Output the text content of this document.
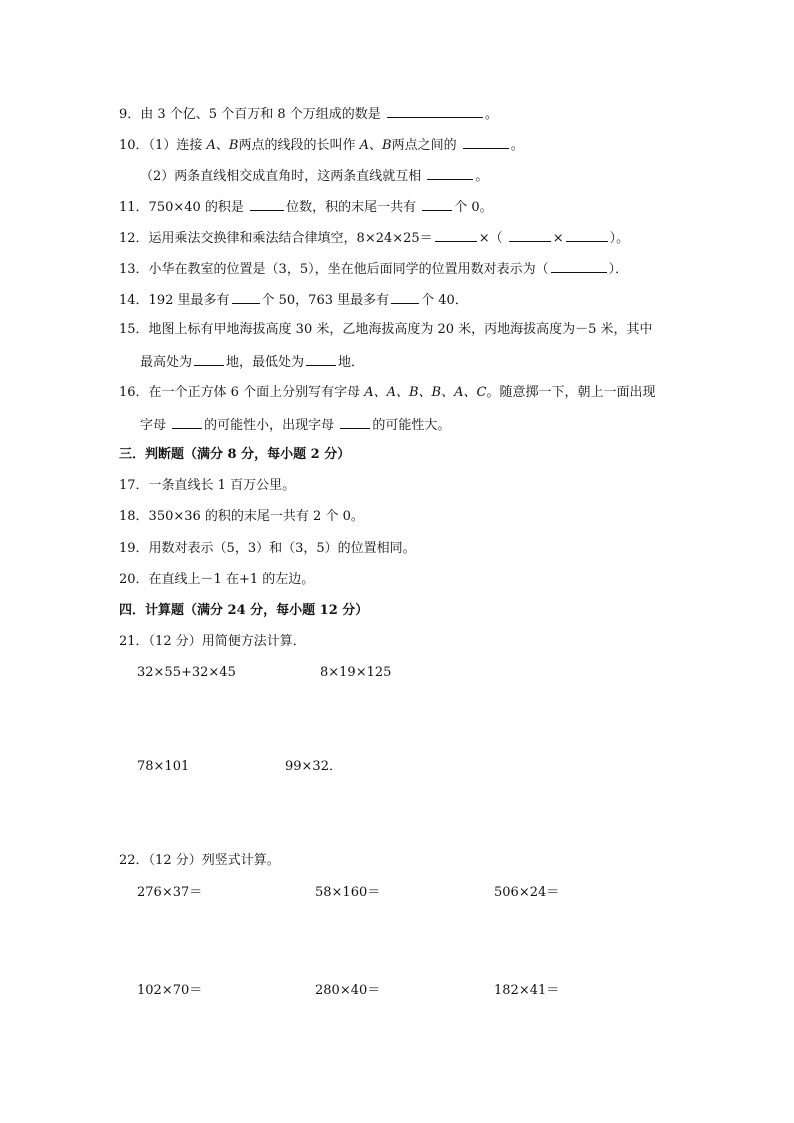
9．由 3 个亿、5 个百万和 8 个万组成的数是	。
10．（1）连接 A、B两点的线段的长叫作 A、B两点之间的	。
（2）两条直线相交成直角时，这两条直线就互相	。
11．750×40 的积是	位数，积的末尾一共有	个 0。
12．运用乘法交换律和乘法结合律填空，8×24×25＝	×（	×	）。
13．小华在教室的位置是（3，5），坐在他后面同学的位置用数对表示为（	）．
14．192 里最多有 个 50，763 里最多有 个 40．
15．地图上标有甲地海拔高度 30 米，乙地海拔高度为 20 米，丙地海拔高度为－5 米，其中
最高处为	地，最低处为	地．
16．在一个正方体 6 个面上分别写有字母 A、A、B、B、A、C。随意掷一下，朝上一面出现
字母	的可能性小，出现字母	的可能性大。
三．判断题（满分 8 分，每小题 2 分）
17．一条直线长 1 百万公里。
18．350×36 的积的末尾一共有 2 个 0。
19．用数对表示（5，3）和（3，5）的位置相同。
20．在直线上－1 在+1 的左边。
四．计算题（满分 24 分，每小题 12 分）
21．（12 分）用简便方法计算．
32×55+32×45	8×19×125
78×101	99×32．
22．（12 分）列竖式计算。
276×37＝	58×160＝	506×24＝
102×70＝	280×40＝	182×41＝
